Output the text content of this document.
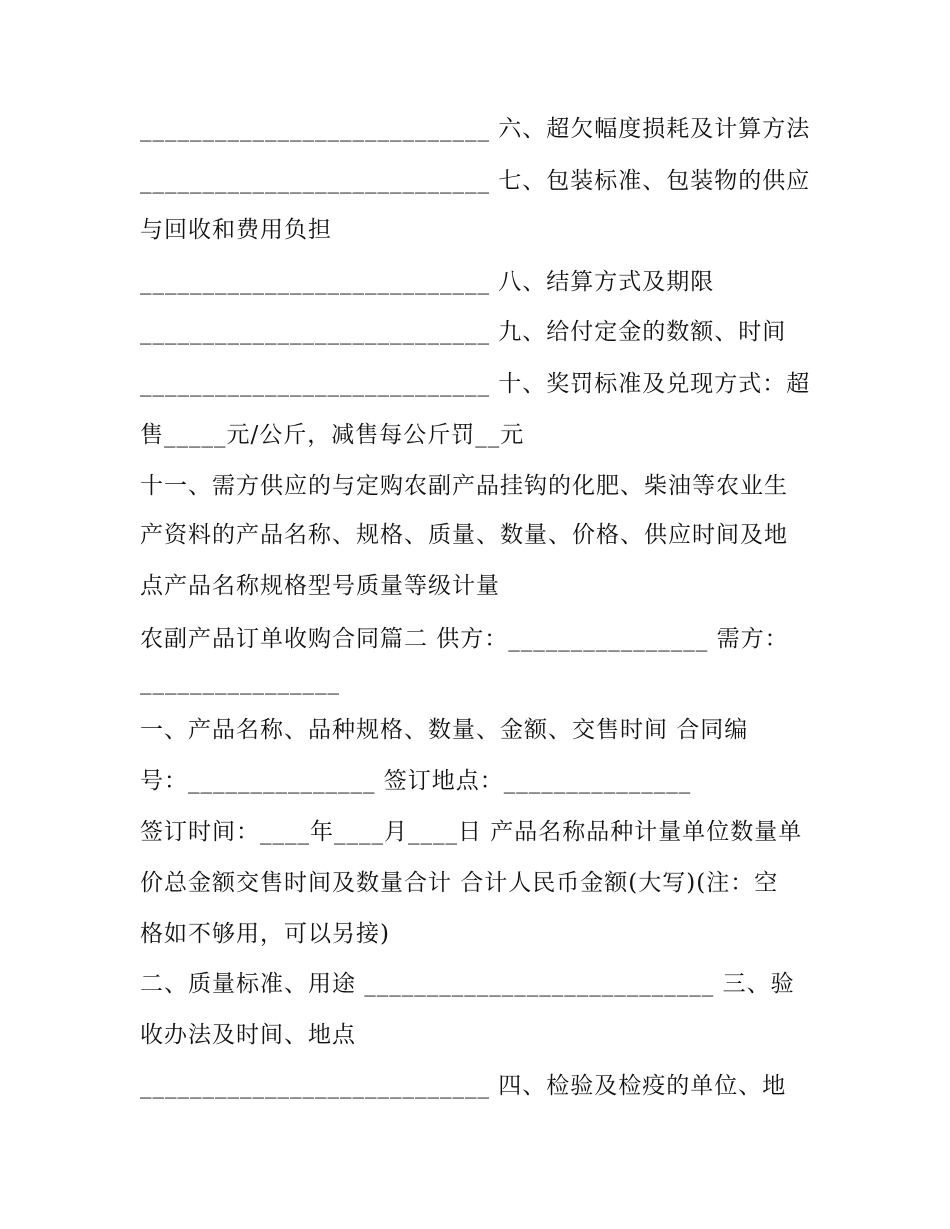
____________________________ 六、超欠幅度损耗及计算方法
____________________________ 七、包装标准、包装物的供应
与回收和费用负担
____________________________ 八、结算方式及期限
____________________________ 九、给付定金的数额、时间
____________________________ 十、奖罚标准及兑现方式：超
售_____元/公斤，减售每公斤罚__元
十一、需方供应的与定购农副产品挂钩的化肥、柴油等农业生
产资料的产品名称、规格、质量、数量、价格、供应时间及地
点产品名称规格型号质量等级计量
农副产品订单收购合同篇二 供方：________________ 需方：
________________
一、产品名称、品种规格、数量、金额、交售时间 合同编
号：_______________ 签订地点：_______________
签订时间：____年____月____日 产品名称品种计量单位数量单
价总金额交售时间及数量合计 合计人民币金额(大写)(注：空
格如不够用，可以另接)
二、质量标准、用途 ____________________________ 三、验
收办法及时间、地点
____________________________ 四、检验及检疫的单位、地
